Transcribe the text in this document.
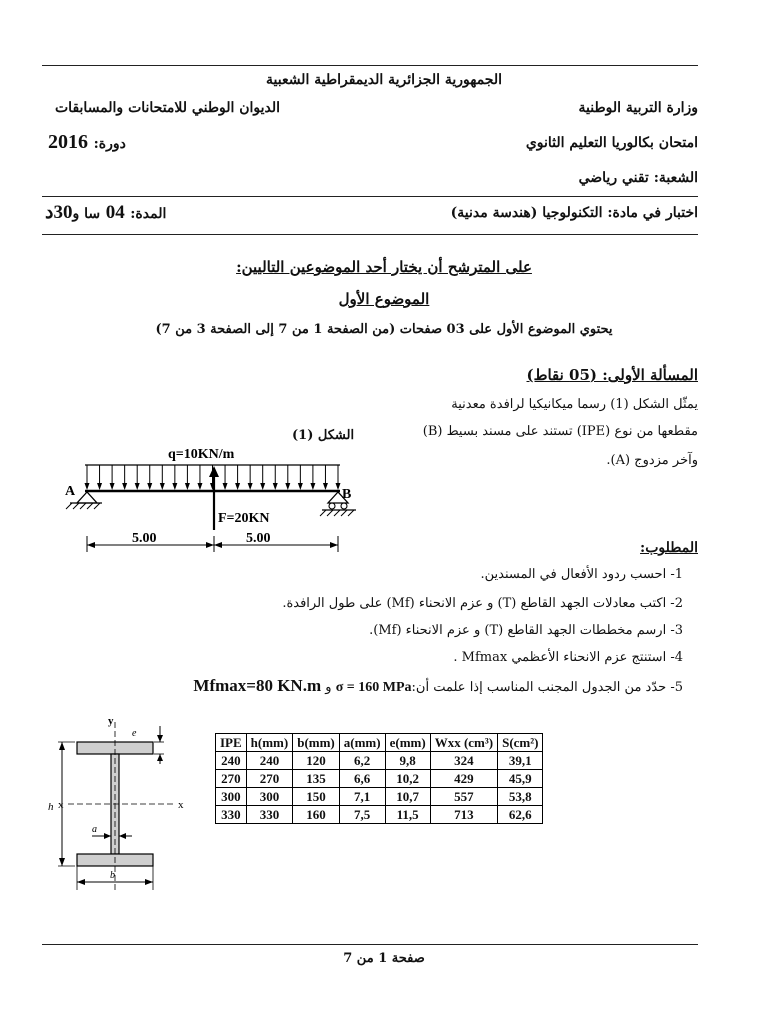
الجمهورية الجزائرية الديمقراطية الشعبية
وزارة التربية الوطنية
الديوان الوطني للامتحانات والمسابقات
امتحان بكالوريا التعليم الثانوي
دورة: 2016
الشعبة: تقني رياضي
اختبار في مادة: التكنولوجيا (هندسة مدنية)
المدة: 04 سا و30د
على المترشح أن يختار أحد الموضوعين التاليين:
الموضوع الأول
يحتوي الموضوع الأول على 03 صفحات (من الصفحة 1 من 7 إلى الصفحة 3 من 7)
المسألة الأولى: (05 نقاط)
يمثّل الشكل (1) رسما ميكانيكيا لرافدة معدنية
مقطعها من نوع (IPE) تستند على مسند بسيط (B)
وآخر مزدوج (A).
الشكل (1)
q=10KN/m
F=20KN
A	B
5.00	5.00
المطلوب:
1- احسب ردود الأفعال في المسندين.
2- اكتب معادلات الجهد القاطع (T) و عزم الانحناء (Mf) على طول الرافدة.
3- ارسم مخططات الجهد القاطع (T) و عزم الانحناء (Mf).
4- استنتج عزم الانحناء الأعظمي Mfmax .
5- حدّد من الجدول المجنب المناسب إذا علمت أن:σ = 160 MPa و Mfmax=80 KN.m
y
x	x
h
e
a
b
IPE	h(mm)	b(mm)	a(mm)	e(mm)	Wxx (cm³)	S(cm²)
240	240	120	6,2	9,8	324	39,1
270	270	135	6,6	10,2	429	45,9
300	300	150	7,1	10,7	557	53,8
330	330	160	7,5	11,5	713	62,6
صفحة 1 من 7
